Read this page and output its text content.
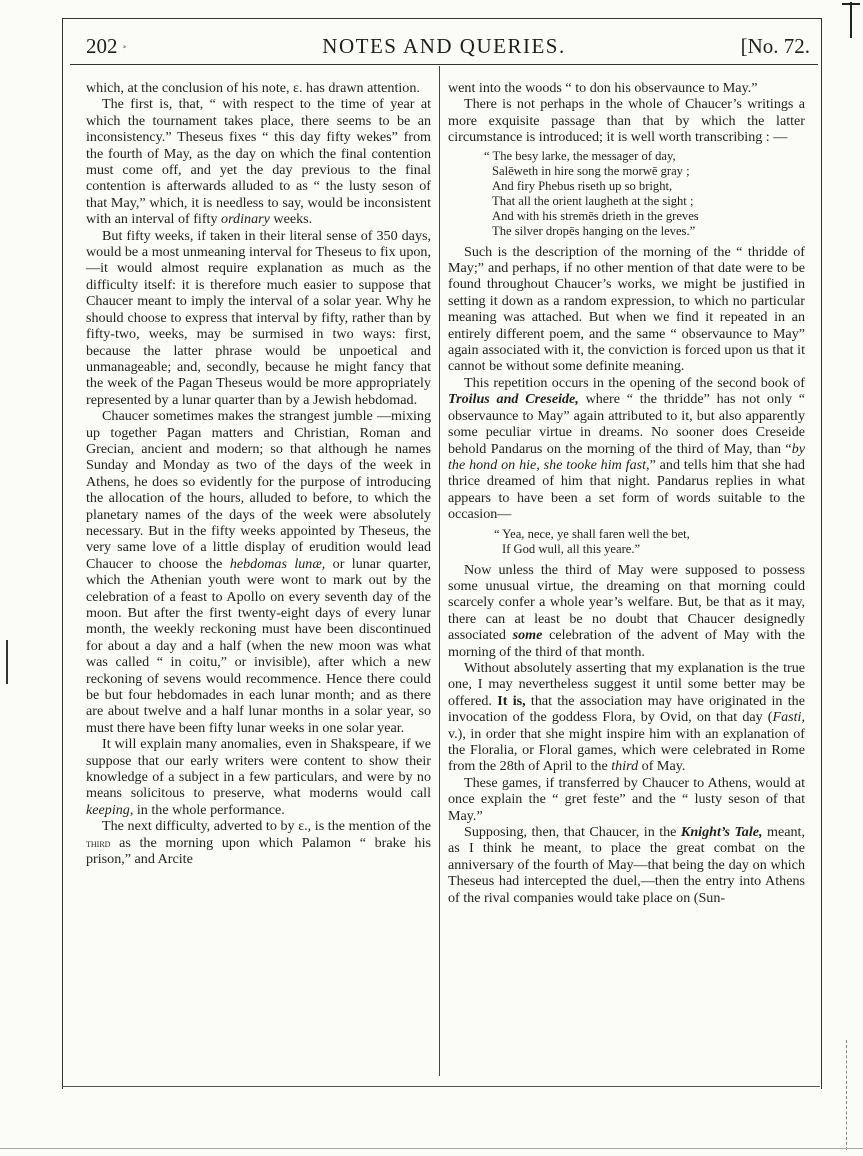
202 ¸	NOTES AND QUERIES.	[No. 72.

which, at the conclusion of his note, ε. has drawn attention.

The first is, that, “ with respect to the time of year at which the tournament takes place, there seems to be an inconsistency.” Theseus fixes “ this day fifty wekes” from the fourth of May, as the day on which the final contention must come off, and yet the day previous to the final contention is afterwards alluded to as “ the lusty seson of that May,” which, it is needless to say, would be inconsistent with an interval of fifty ordinary weeks.

But fifty weeks, if taken in their literal sense of 350 days, would be a most unmeaning interval for Theseus to fix upon,—it would almost require explanation as much as the difficulty itself: it is therefore much easier to suppose that Chaucer meant to imply the interval of a solar year. Why he should choose to express that interval by fifty, rather than by fifty-two, weeks, may be surmised in two ways: first, because the latter phrase would be unpoetical and unmanageable; and, secondly, because he might fancy that the week of the Pagan Theseus would be more appropriately represented by a lunar quarter than by a Jewish hebdomad.

Chaucer sometimes makes the strangest jumble —mixing up together Pagan matters and Christian, Roman and Grecian, ancient and modern; so that although he names Sunday and Monday as two of the days of the week in Athens, he does so evidently for the purpose of introducing the allocation of the hours, alluded to before, to which the planetary names of the days of the week were absolutely necessary. But in the fifty weeks appointed by Theseus, the very same love of a little display of erudition would lead Chaucer to choose the hebdomas lunæ, or lunar quarter, which the Athenian youth were wont to mark out by the celebration of a feast to Apollo on every seventh day of the moon. But after the first twenty-eight days of every lunar month, the weekly reckoning must have been discontinued for about a day and a half (when the new moon was what was called “ in coitu,” or invisible), after which a new reckoning of sevens would recommence. Hence there could be but four hebdomades in each lunar month; and as there are about twelve and a half lunar months in a solar year, so must there have been fifty lunar weeks in one solar year.

It will explain many anomalies, even in Shakspeare, if we suppose that our early writers were content to show their knowledge of a subject in a few particulars, and were by no means solicitous to preserve, what moderns would call keeping, in the whole performance.

The next difficulty, adverted to by ε., is the mention of the third as the morning upon which Palamon “ brake his prison,” and Arcite

went into the woods “ to don his observaunce to May.”

There is not perhaps in the whole of Chaucer’s writings a more exquisite passage than that by which the latter circumstance is introduced; it is well worth transcribing : —

“ The besy larke, the messager of day,
Salēweth in hire song the morwē gray ;
And firy Phebus riseth up so bright,
That all the orient laugheth at the sight ;
And with his stremēs drieth in the greves
The silver dropēs hanging on the leves.”

Such is the description of the morning of the “ thridde of May;” and perhaps, if no other mention of that date were to be found throughout Chaucer’s works, we might be justified in setting it down as a random expression, to which no particular meaning was attached. But when we find it repeated in an entirely different poem, and the same “ observaunce to May” again associated with it, the conviction is forced upon us that it cannot be without some definite meaning.

This repetition occurs in the opening of the second book of Troilus and Creseide, where “ the thridde” has not only “ observaunce to May” again attributed to it, but also apparently some peculiar virtue in dreams. No sooner does Creseide behold Pandarus on the morning of the third of May, than “by the hond on hie, she tooke him fast,” and tells him that she had thrice dreamed of him that night. Pandarus replies in what appears to have been a set form of words suitable to the occasion—

“ Yea, nece, ye shall faren well the bet,
If God wull, all this yeare.”

Now unless the third of May were supposed to possess some unusual virtue, the dreaming on that morning could scarcely confer a whole year’s welfare. But, be that as it may, there can at least be no doubt that Chaucer designedly associated some celebration of the advent of May with the morning of the third of that month.

Without absolutely asserting that my explanation is the true one, I may nevertheless suggest it until some better may be offered. It is, that the association may have originated in the invocation of the goddess Flora, by Ovid, on that day (Fasti, v.), in order that she might inspire him with an explanation of the Floralia, or Floral games, which were celebrated in Rome from the 28th of April to the third of May.

These games, if transferred by Chaucer to Athens, would at once explain the “ gret feste” and the “ lusty seson of that May.”

Supposing, then, that Chaucer, in the Knight’s Tale, meant, as I think he meant, to place the great combat on the anniversary of the fourth of May—that being the day on which Theseus had intercepted the duel,—then the entry into Athens of the rival companies would take place on (Sun-
